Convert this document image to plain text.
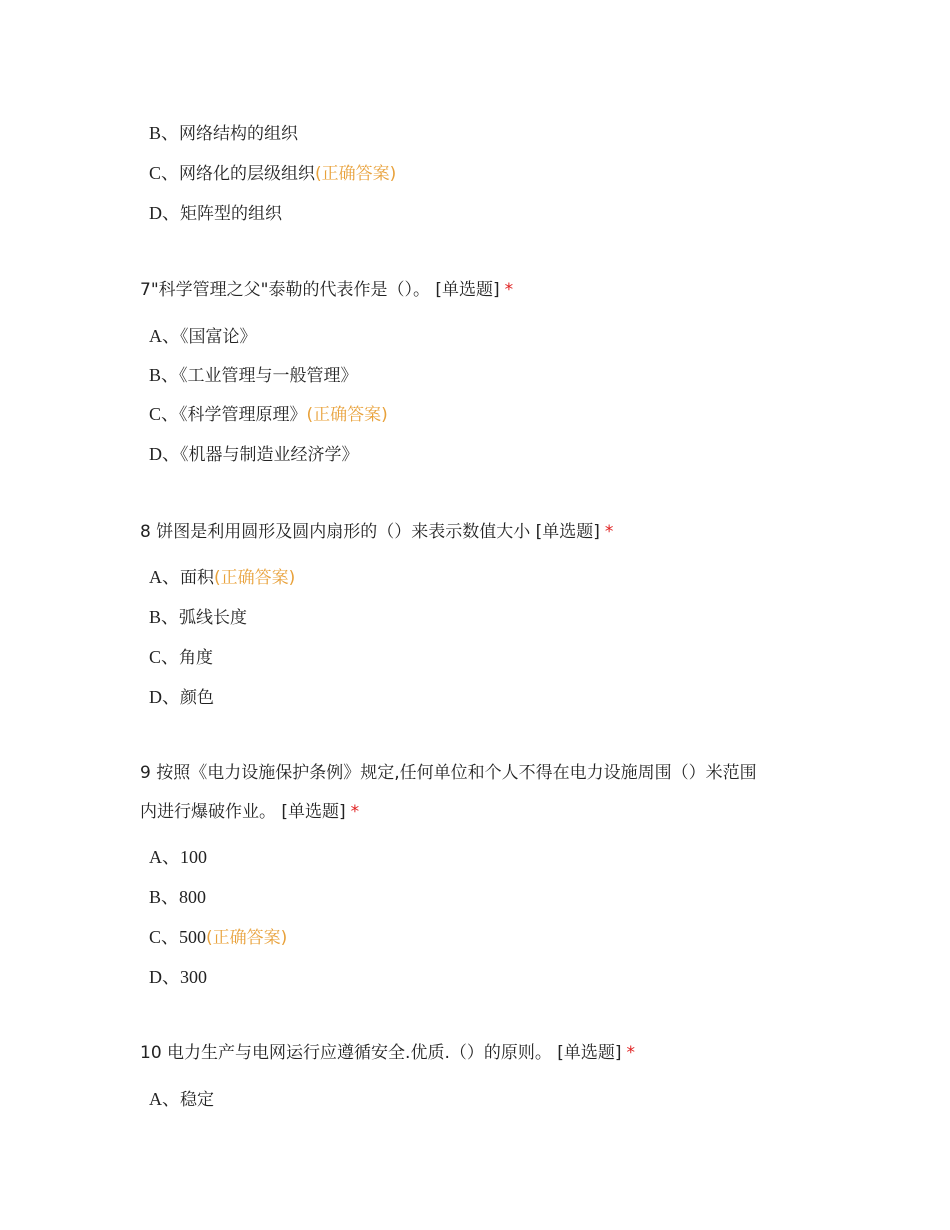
B、网络结构的组织
C、网络化的层级组织(正确答案)
D、矩阵型的组织
7"科学管理之父"泰勒的代表作是（）。 [单选题] *
A、《国富论》
B、《工业管理与一般管理》
C、《科学管理原理》(正确答案)
D、《机器与制造业经济学》
8 饼图是利用圆形及圆内扇形的（）来表示数值大小 [单选题] *
A、面积(正确答案)
B、弧线长度
C、角度
D、颜色
9 按照《电力设施保护条例》规定,任何单位和个人不得在电力设施周围（）米范围
内进行爆破作业。 [单选题] *
A、100
B、800
C、500(正确答案)
D、300
10 电力生产与电网运行应遵循安全.优质.（）的原则。 [单选题] *
A、稳定
